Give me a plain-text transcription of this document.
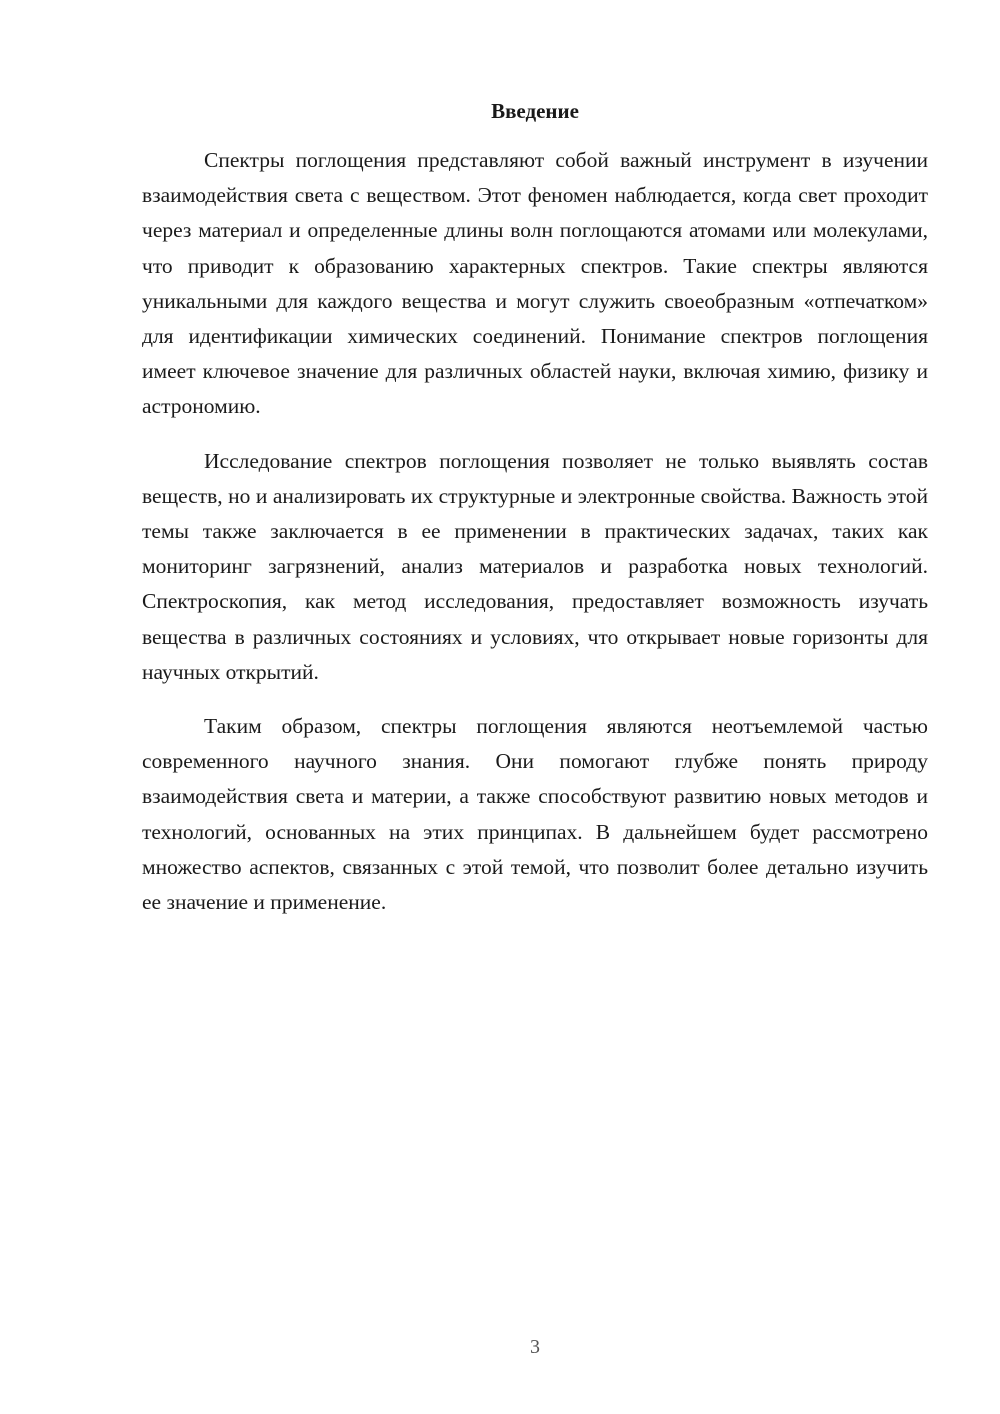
Введение

Спектры поглощения представляют собой важный инструмент в изучении взаимодействия света с веществом. Этот феномен наблюдается, когда свет проходит через материал и определенные длины волн поглощаются атомами или молекулами, что приводит к образованию характерных спектров. Такие спектры являются уникальными для каждого вещества и могут служить своеобразным «отпечатком» для идентификации химических соединений. Понимание спектров поглощения имеет ключевое значение для различных областей науки, включая химию, физику и астрономию.

Исследование спектров поглощения позволяет не только выявлять состав веществ, но и анализировать их структурные и электронные свойства. Важность этой темы также заключается в ее применении в практических задачах, таких как мониторинг загрязнений, анализ материалов и разработка новых технологий. Спектроскопия, как метод исследования, предоставляет возможность изучать вещества в различных состояниях и условиях, что открывает новые горизонты для научных открытий.

Таким образом, спектры поглощения являются неотъемлемой частью современного научного знания. Они помогают глубже понять природу взаимодействия света и материи, а также способствуют развитию новых методов и технологий, основанных на этих принципах. В дальнейшем будет рассмотрено множество аспектов, связанных с этой темой, что позволит более детально изучить ее значение и применение.

3
